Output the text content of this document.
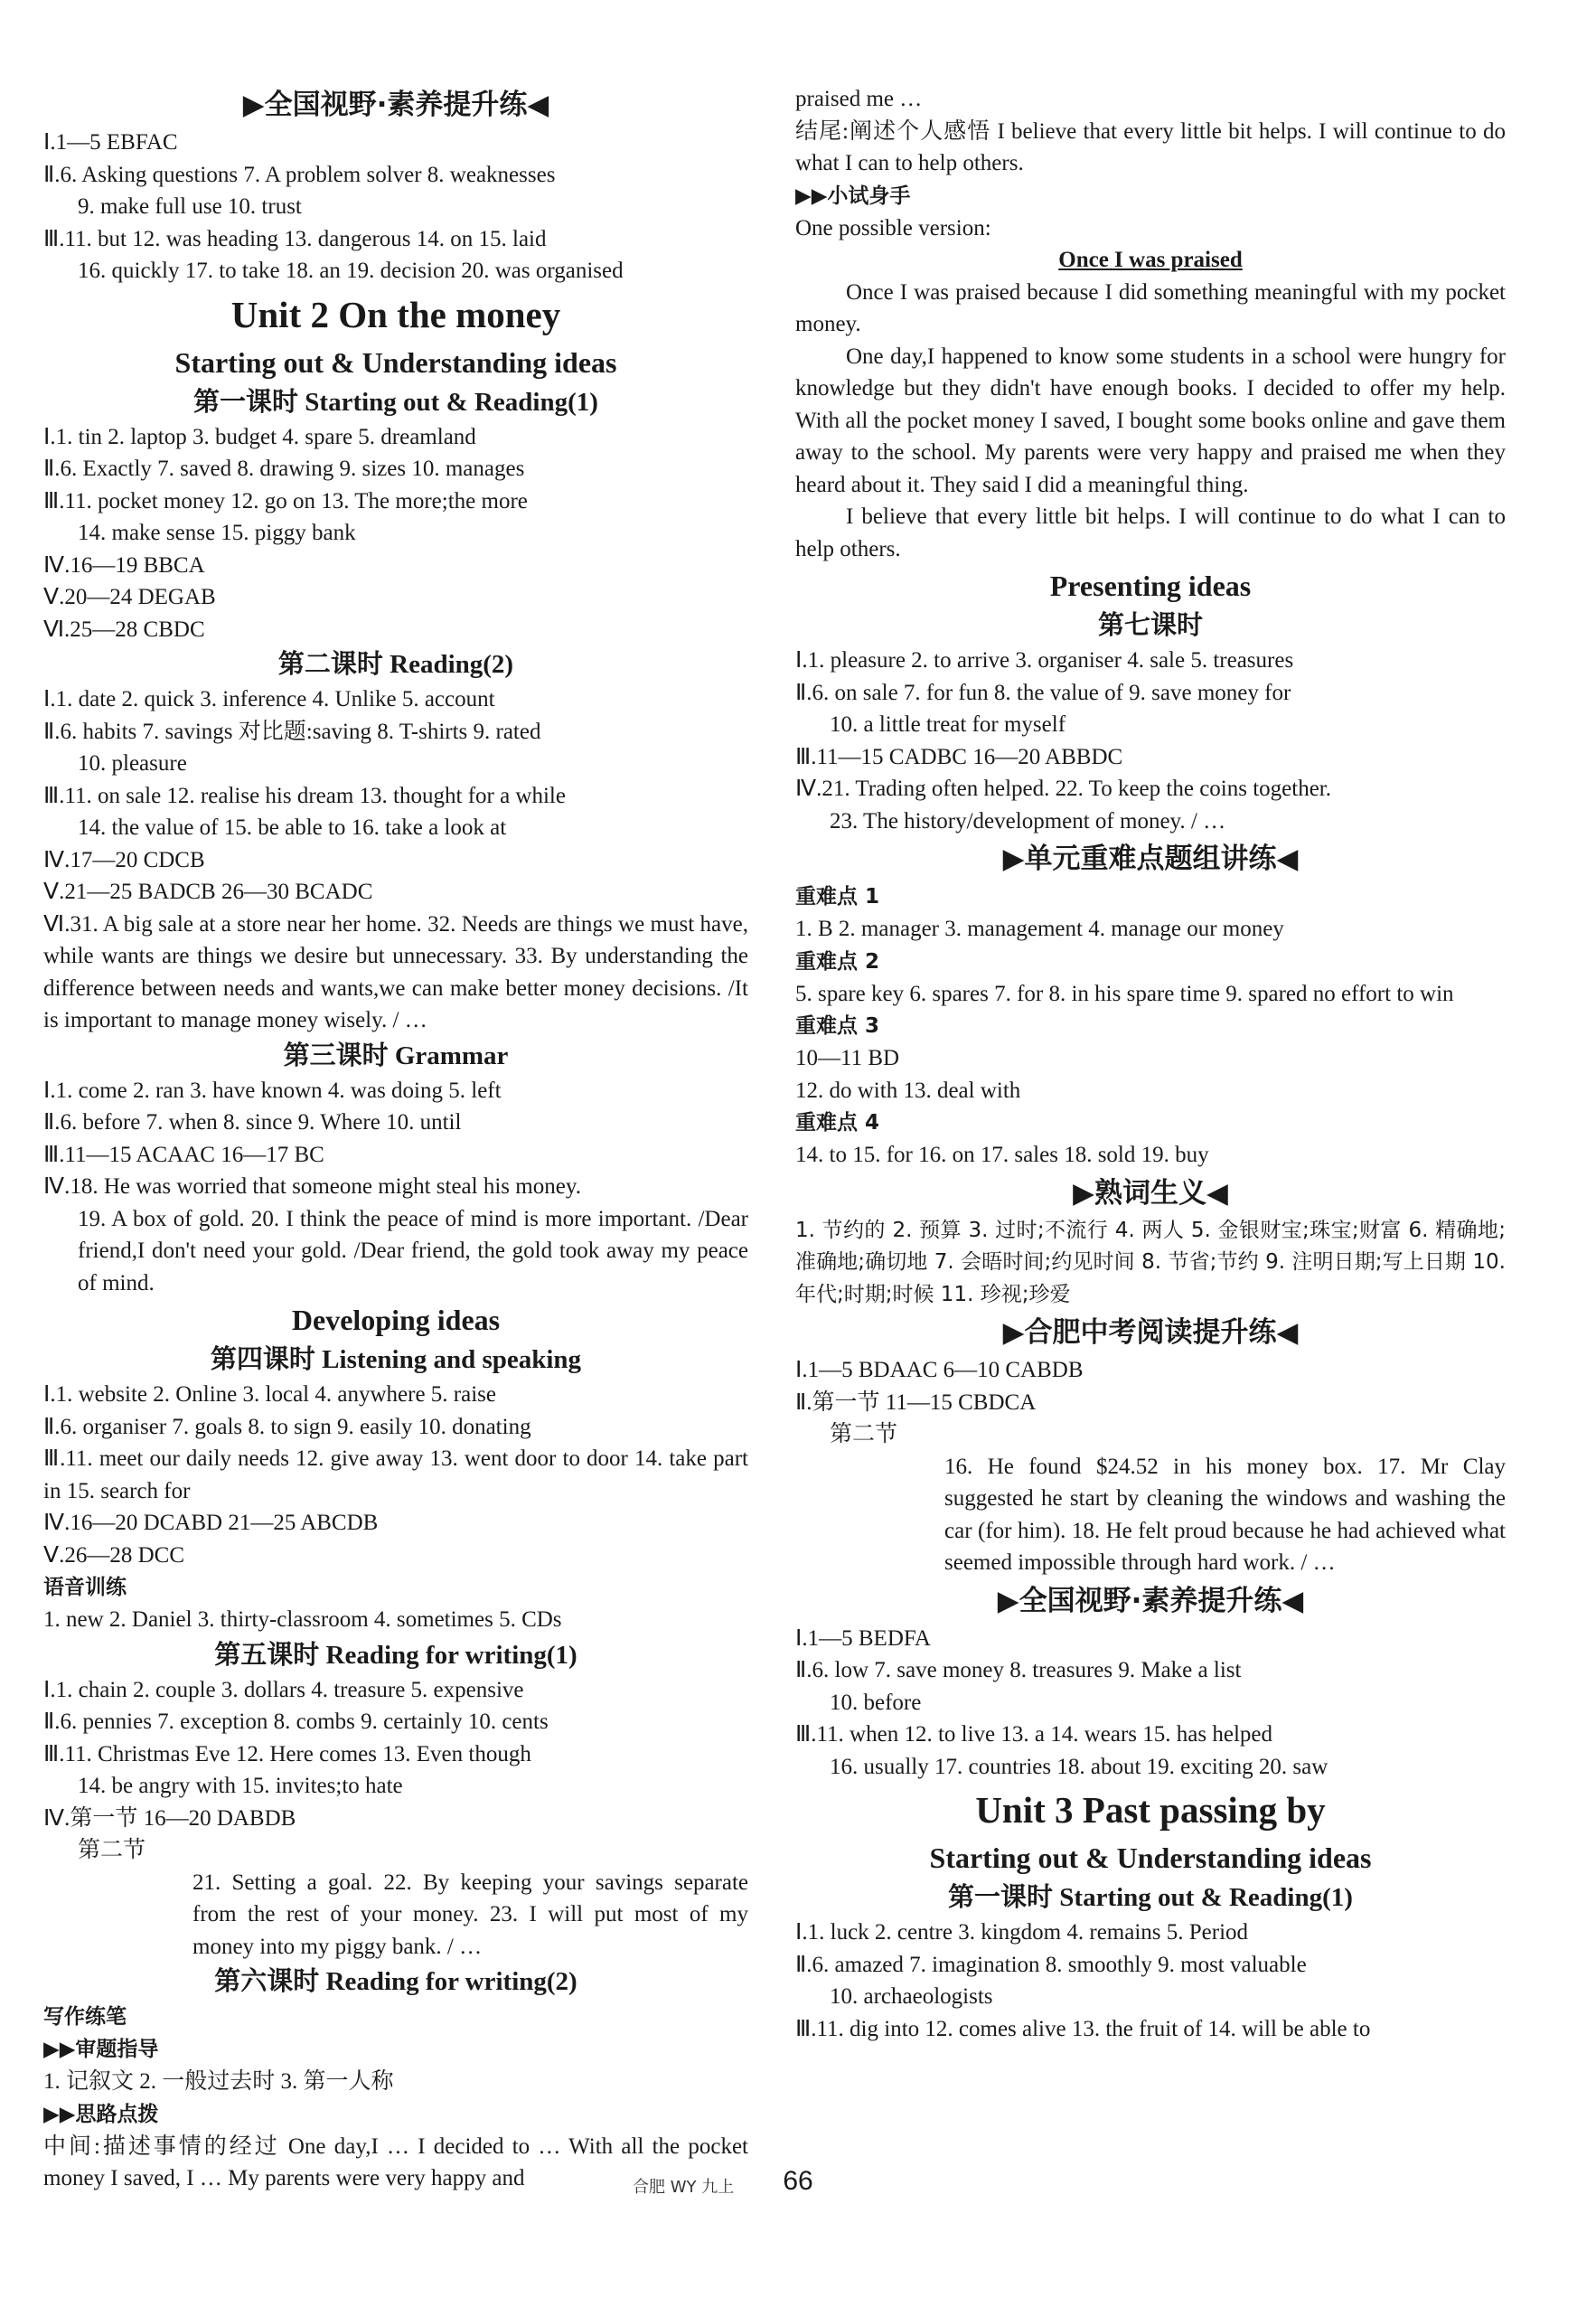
▶全国视野·素养提升练◀
Ⅰ.1—5 EBFAC
Ⅱ.6. Asking questions 7. A problem solver 8. weaknesses
9. make full use 10. trust
Ⅲ.11. but 12. was heading 13. dangerous 14. on 15. laid
16. quickly 17. to take 18. an 19. decision 20. was organised
Unit 2 On the money
Starting out & Understanding ideas
第一课时 Starting out & Reading(1)
Ⅰ.1. tin 2. laptop 3. budget 4. spare 5. dreamland
Ⅱ.6. Exactly 7. saved 8. drawing 9. sizes 10. manages
Ⅲ.11. pocket money 12. go on 13. The more;the more
14. make sense 15. piggy bank
Ⅳ.16—19 BBCA
Ⅴ.20—24 DEGAB
Ⅵ.25—28 CBDC
第二课时 Reading(2)
Ⅰ.1. date 2. quick 3. inference 4. Unlike 5. account
Ⅱ.6. habits 7. savings 对比题:saving 8. T-shirts 9. rated
10. pleasure
Ⅲ.11. on sale 12. realise his dream 13. thought for a while
14. the value of 15. be able to 16. take a look at
Ⅳ.17—20 CDCB
Ⅴ.21—25 BADCB 26—30 BCADC
Ⅵ.31. A big sale at a store near her home. 32. Needs are things we must have, while wants are things we desire but unnecessary. 33. By understanding the difference between needs and wants,we can make better money decisions. /It is important to manage money wisely. / …
第三课时 Grammar
Ⅰ.1. come 2. ran 3. have known 4. was doing 5. left
Ⅱ.6. before 7. when 8. since 9. Where 10. until
Ⅲ.11—15 ACAAC 16—17 BC
Ⅳ.18. He was worried that someone might steal his money.
19. A box of gold. 20. I think the peace of mind is more important. /Dear friend,I don't need your gold. /Dear friend, the gold took away my peace of mind.
Developing ideas
第四课时 Listening and speaking
Ⅰ.1. website 2. Online 3. local 4. anywhere 5. raise
Ⅱ.6. organiser 7. goals 8. to sign 9. easily 10. donating
Ⅲ.11. meet our daily needs 12. give away 13. went door to door 14. take part in 15. search for
Ⅳ.16—20 DCABD 21—25 ABCDB
Ⅴ.26—28 DCC
语音训练
1. new 2. Daniel 3. thirty-classroom 4. sometimes 5. CDs
第五课时 Reading for writing(1)
Ⅰ.1. chain 2. couple 3. dollars 4. treasure 5. expensive
Ⅱ.6. pennies 7. exception 8. combs 9. certainly 10. cents
Ⅲ.11. Christmas Eve 12. Here comes 13. Even though
14. be angry with 15. invites;to hate
Ⅳ.第一节 16—20 DABDB
第二节
21. Setting a goal. 22. By keeping your savings separate from the rest of your money. 23. I will put most of my money into my piggy bank. / …
第六课时 Reading for writing(2)
写作练笔
▶▶审题指导
1. 记叙文 2. 一般过去时 3. 第一人称
▶▶思路点拨
中间:描述事情的经过 One day,I … I decided to … With all the pocket money I saved, I … My parents were very happy and
praised me …
结尾:阐述个人感悟 I believe that every little bit helps. I will continue to do what I can to help others.
▶▶小试身手
One possible version:
Once I was praised
Once I was praised because I did something meaningful with my pocket money.
One day,I happened to know some students in a school were hungry for knowledge but they didn't have enough books. I decided to offer my help. With all the pocket money I saved, I bought some books online and gave them away to the school. My parents were very happy and praised me when they heard about it. They said I did a meaningful thing.
I believe that every little bit helps. I will continue to do what I can to help others.
Presenting ideas
第七课时
Ⅰ.1. pleasure 2. to arrive 3. organiser 4. sale 5. treasures
Ⅱ.6. on sale 7. for fun 8. the value of 9. save money for
10. a little treat for myself
Ⅲ.11—15 CADBC 16—20 ABBDC
Ⅳ.21. Trading often helped. 22. To keep the coins together.
23. The history/development of money. / …
▶单元重难点题组讲练◀
重难点 1
1. B 2. manager 3. management 4. manage our money
重难点 2
5. spare key 6. spares 7. for 8. in his spare time 9. spared no effort to win
重难点 3
10—11 BD
12. do with 13. deal with
重难点 4
14. to 15. for 16. on 17. sales 18. sold 19. buy
▶熟词生义◀
1. 节约的 2. 预算 3. 过时;不流行 4. 两人 5. 金银财宝;珠宝;财富 6. 精确地;准确地;确切地 7. 会晤时间;约见时间 8. 节省;节约 9. 注明日期;写上日期 10. 年代;时期;时候 11. 珍视;珍爱
▶合肥中考阅读提升练◀
Ⅰ.1—5 BDAAC 6—10 CABDB
Ⅱ.第一节 11—15 CBDCA
第二节
16. He found $24.52 in his money box. 17. Mr Clay suggested he start by cleaning the windows and washing the car (for him). 18. He felt proud because he had achieved what seemed impossible through hard work. / …
▶全国视野·素养提升练◀
Ⅰ.1—5 BEDFA
Ⅱ.6. low 7. save money 8. treasures 9. Make a list
10. before
Ⅲ.11. when 12. to live 13. a 14. wears 15. has helped
16. usually 17. countries 18. about 19. exciting 20. saw
Unit 3 Past passing by
Starting out & Understanding ideas
第一课时 Starting out & Reading(1)
Ⅰ.1. luck 2. centre 3. kingdom 4. remains 5. Period
Ⅱ.6. amazed 7. imagination 8. smoothly 9. most valuable
10. archaeologists
Ⅲ.11. dig into 12. comes alive 13. the fruit of 14. will be able to
合肥 WY 九上	66
